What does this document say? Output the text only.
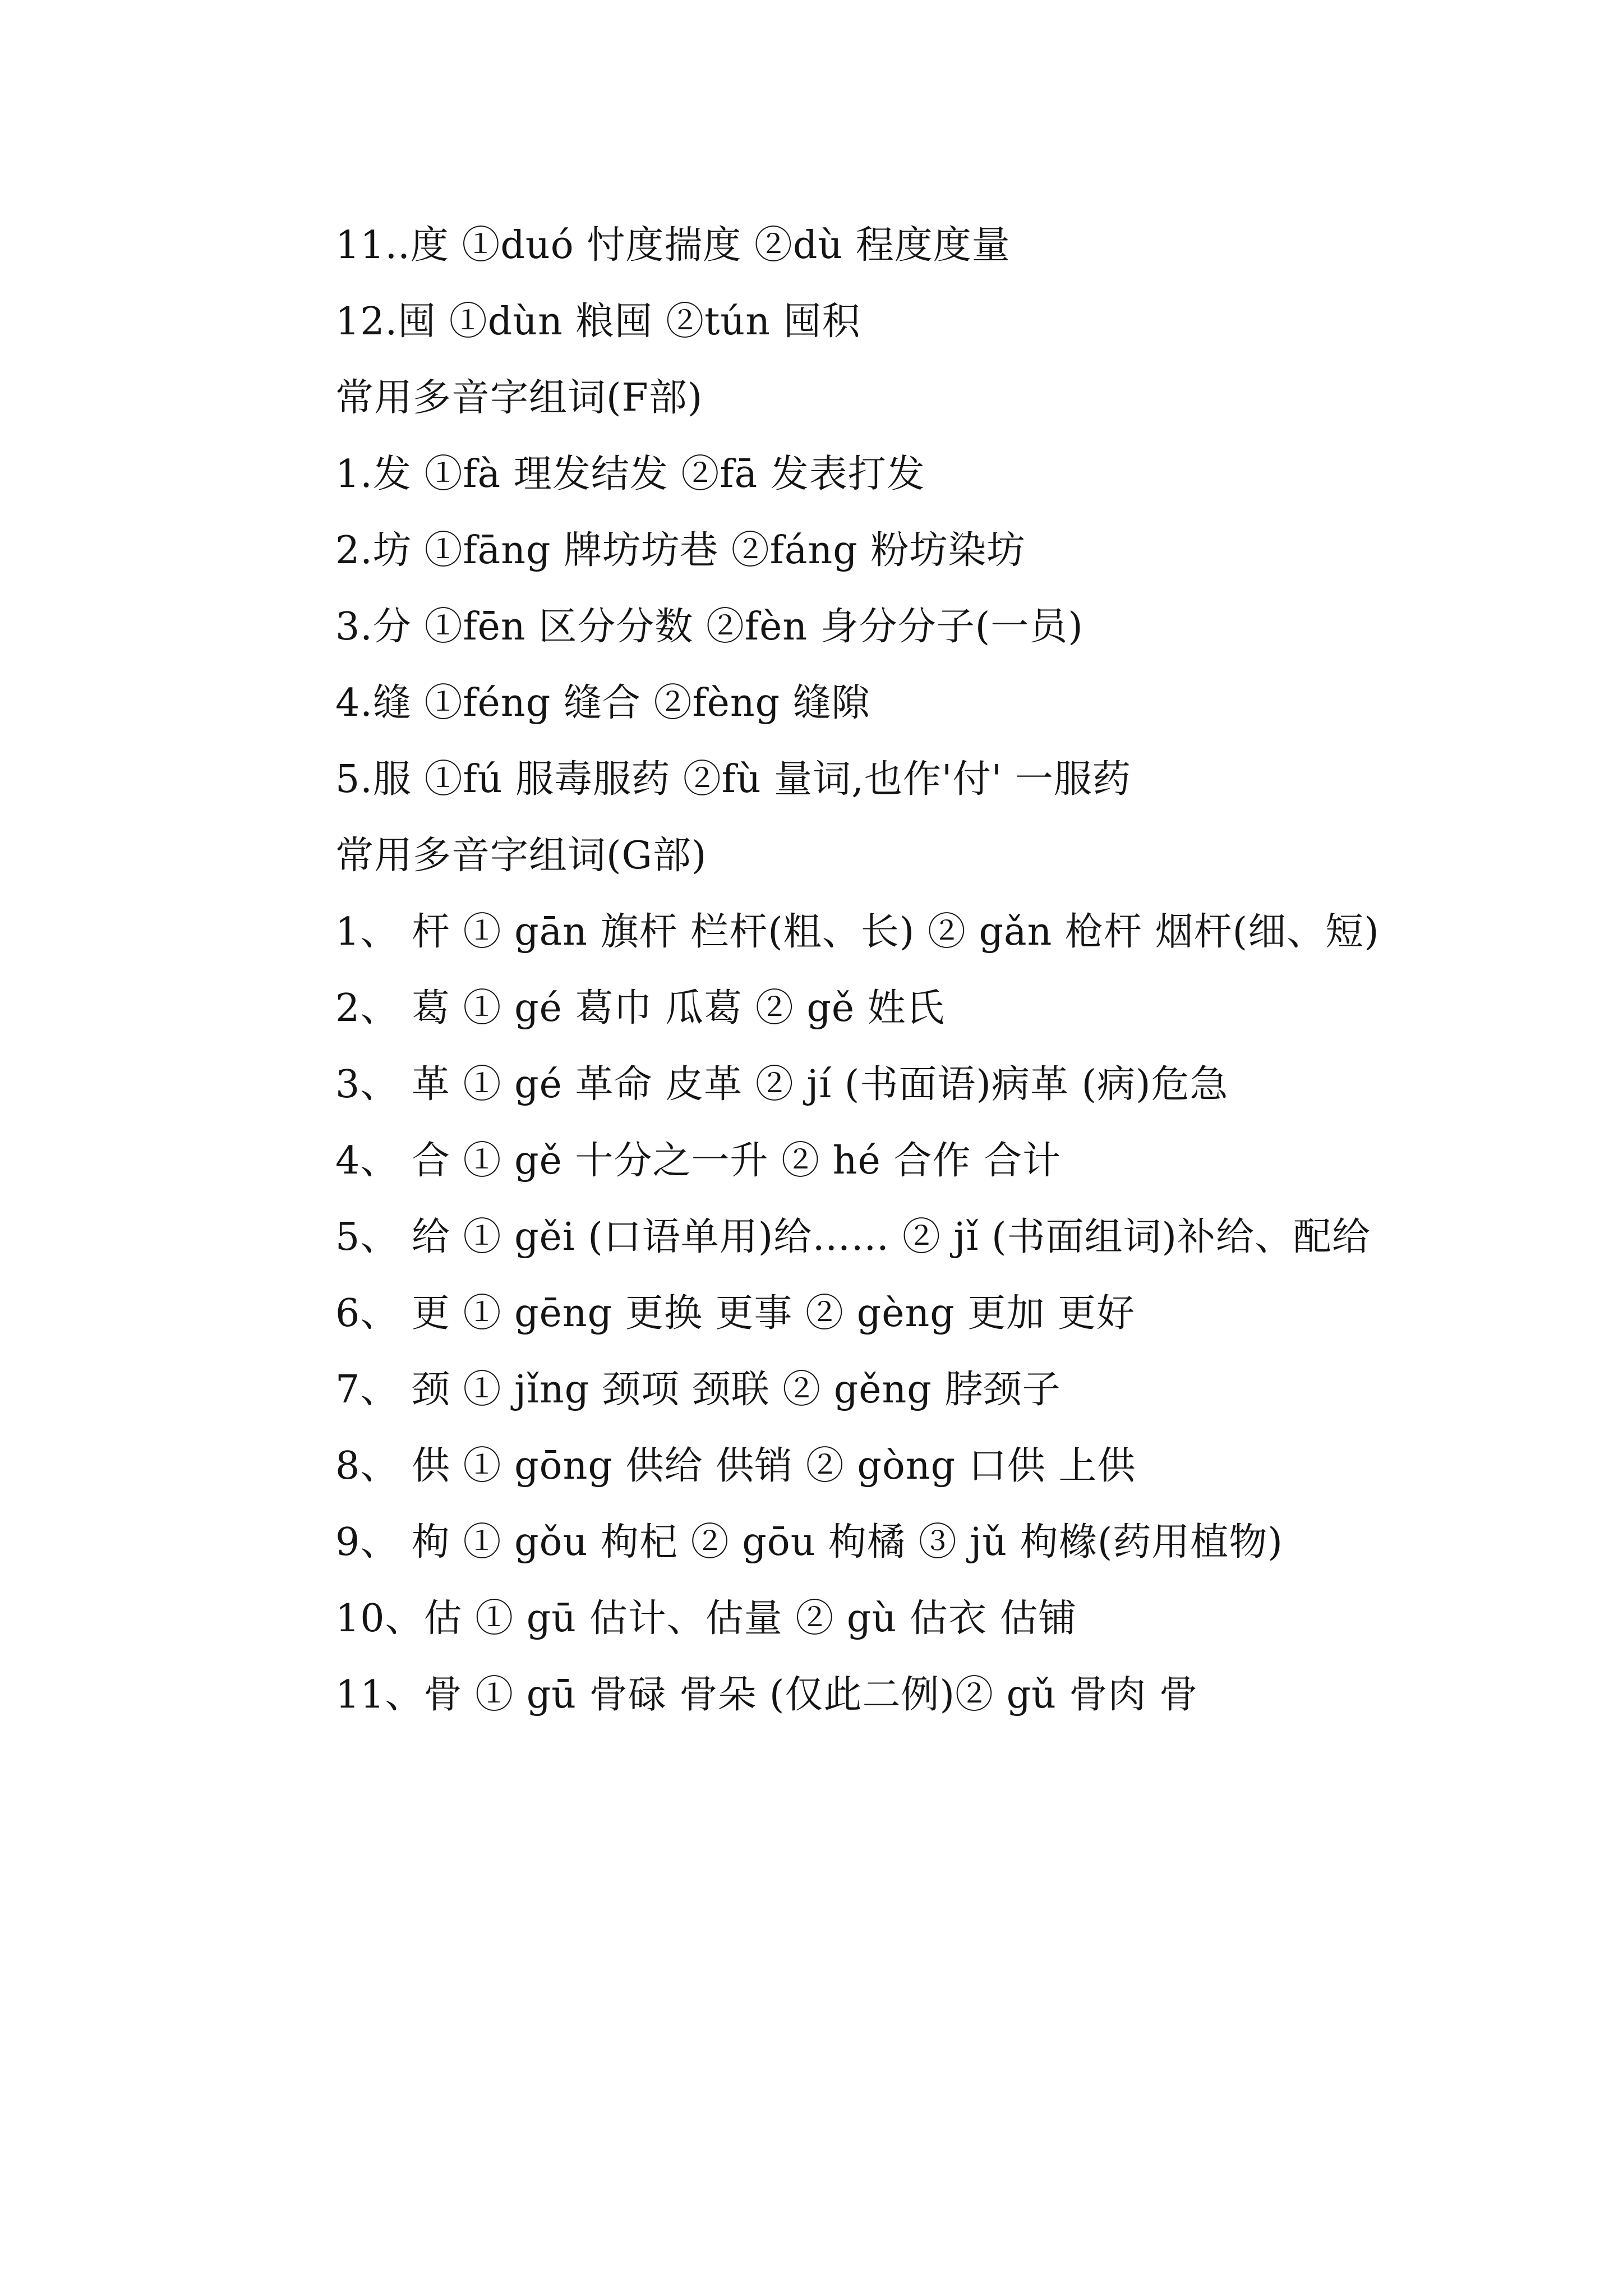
11..度 ①duó 忖度揣度 ②dù 程度度量
12.囤 ①dùn 粮囤 ②tún 囤积
常用多音字组词(F部)
1.发 ①fà 理发结发 ②fā 发表打发
2.坊 ①fāng 牌坊坊巷 ②fáng 粉坊染坊
3.分 ①fēn 区分分数 ②fèn 身分分子(一员)
4.缝 ①féng 缝合 ②fèng 缝隙
5.服 ①fú 服毒服药 ②fù 量词,也作'付' 一服药
常用多音字组词(G部)
1、 杆 ① gān 旗杆 栏杆(粗、长) ② gǎn 枪杆 烟杆(细、短)
2、 葛 ① gé 葛巾 瓜葛 ② gě 姓氏
3、 革 ① gé 革命 皮革 ② jí (书面语)病革 (病)危急
4、 合 ① gě 十分之一升 ② hé 合作 合计
5、 给 ① gěi (口语单用)给…… ② jǐ (书面组词)补给、配给
6、 更 ① gēng 更换 更事 ② gèng 更加 更好
7、 颈 ① jǐng 颈项 颈联 ② gěng 脖颈子
8、 供 ① gōng 供给 供销 ② gòng 口供 上供
9、 枸 ① gǒu 枸杞 ② gōu 枸橘 ③ jǔ 枸橼(药用植物)
10、估 ① gū 估计、估量 ② gù 估衣 估铺
11、骨 ① gū 骨碌 骨朵 (仅此二例)② gǔ 骨肉 骨
